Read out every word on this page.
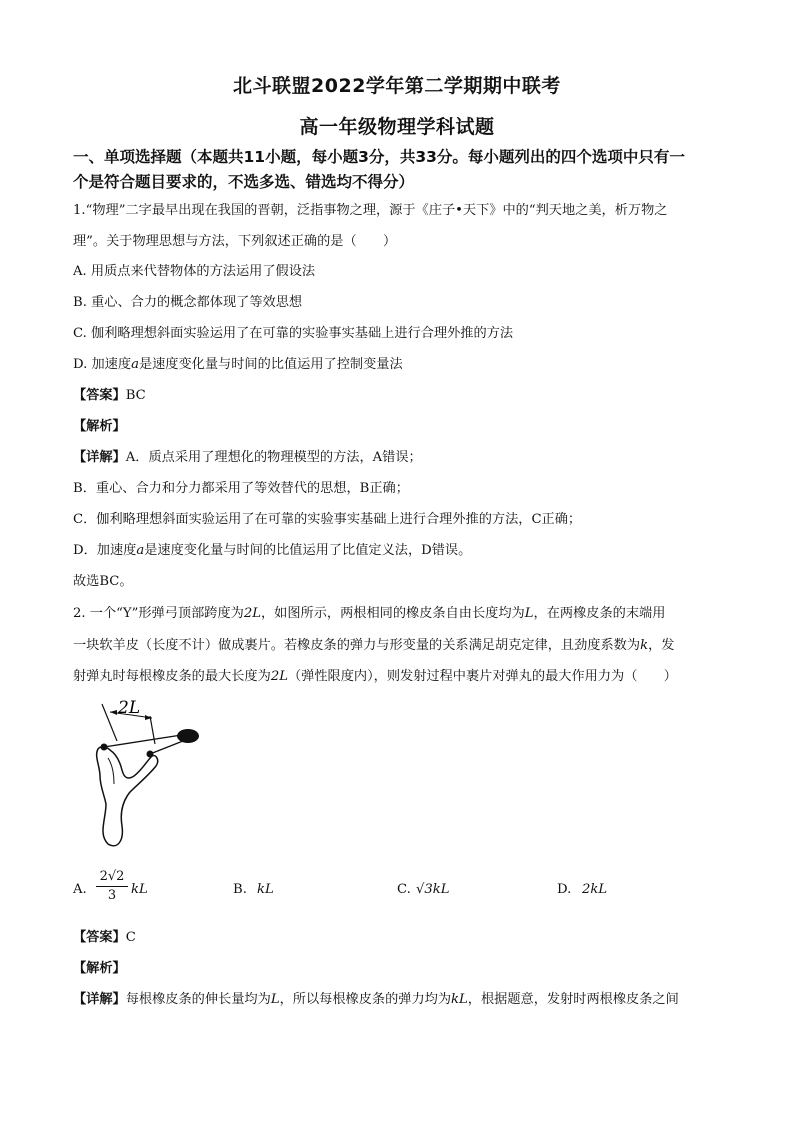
北斗联盟2022学年第二学期期中联考
高一年级物理学科试题
一、单项选择题（本题共11小题，每小题3分，共33分。每小题列出的四个选项中只有一
个是符合题目要求的，不选多选、错选均不得分）
1.“物理”二字最早出现在我国的晋朝，泛指事物之理，源于《庄子•天下》中的“判天地之美，析万物之
理”。关于物理思想与方法，下列叙述正确的是（　　）
A. 用质点来代替物体的方法运用了假设法
B. 重心、合力的概念都体现了等效思想
C. 伽利略理想斜面实验运用了在可靠的实验事实基础上进行合理外推的方法
D. 加速度a是速度变化量与时间的比值运用了控制变量法
【答案】BC
【解析】
【详解】A．质点采用了理想化的物理模型的方法，A错误；
B．重心、合力和分力都采用了等效替代的思想，B正确；
C．伽利略理想斜面实验运用了在可靠的实验事实基础上进行合理外推的方法，C正确；
D．加速度a是速度变化量与时间的比值运用了比值定义法，D错误。
故选BC。
2. 一个“Y”形弹弓顶部跨度为2L，如图所示，两根相同的橡皮条自由长度均为L，在两橡皮条的末端用
一块软羊皮（长度不计）做成裹片。若橡皮条的弹力与形变量的关系满足胡克定律，且劲度系数为k，发
射弹丸时每根橡皮条的最大长度为2L（弹性限度内），则发射过程中裹片对弹丸的最大作用力为（　　）
2L
A. $\frac{2√2}{3}$ kL	B. kL	C. √3kL	D. 2kL
【答案】C
【解析】
【详解】每根橡皮条的伸长量均为L，所以每根橡皮条的弹力均为kL，根据题意，发射时两根橡皮条之间
